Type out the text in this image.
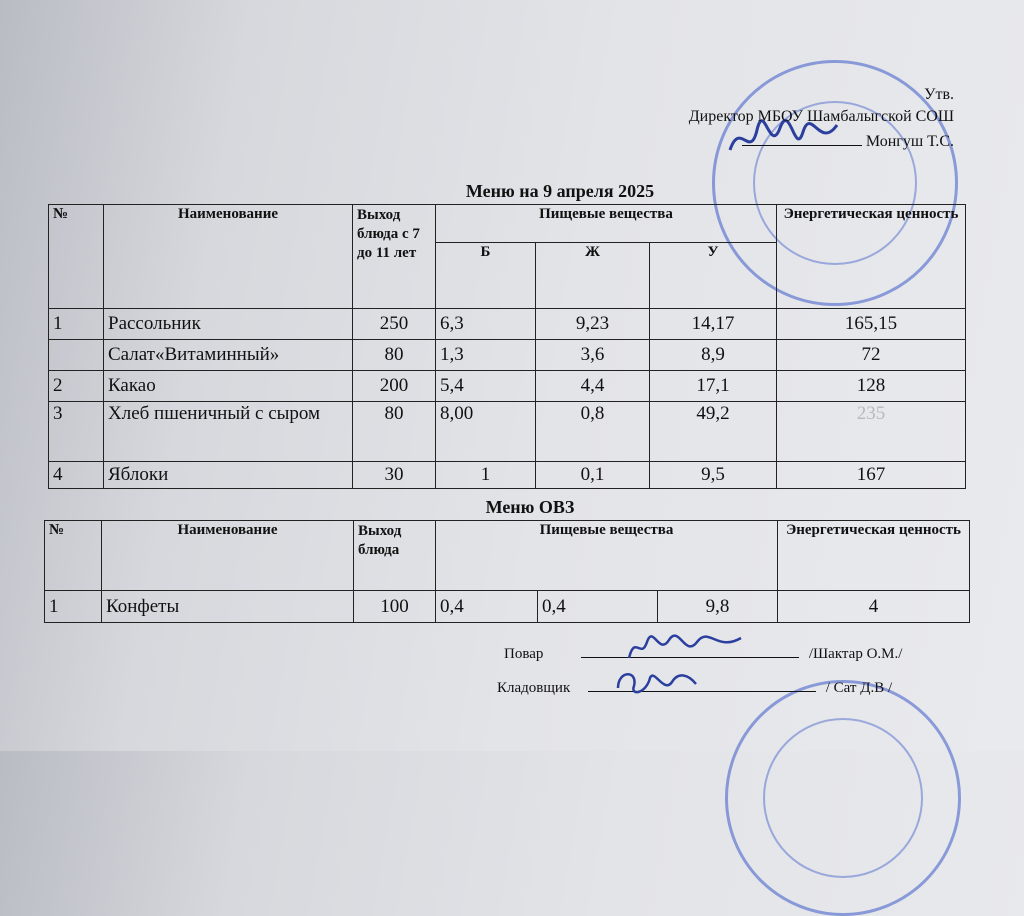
Утв.
Директор МБОУ Шамбалыгской СОШ
Монгуш Т.С.
Меню на 9 апреля 2025
№	Наименование	Выход блюда с 7 до 11 лет	Пищевые вещества			Энергетическая ценность
			Б	Ж	У	
1	Рассольник	250	6,3	9,23	14,17	165,15
	Салат«Витаминный»	80	1,3	3,6	8,9	72
2	Какао	200	5,4	4,4	17,1	128
3	Хлеб пшеничный с сыром	80	8,00	0,8	49,2	235
4	Яблоки	30	1	0,1	9,5	167
Меню ОВЗ
№	Наименование	Выход блюда	Пищевые вещества			Энергетическая ценность
1	Конфеты	100	0,4	0,4	9,8	4
Повар	/Шактар О.М./
Кладовщик	/ Сат Д.В /
